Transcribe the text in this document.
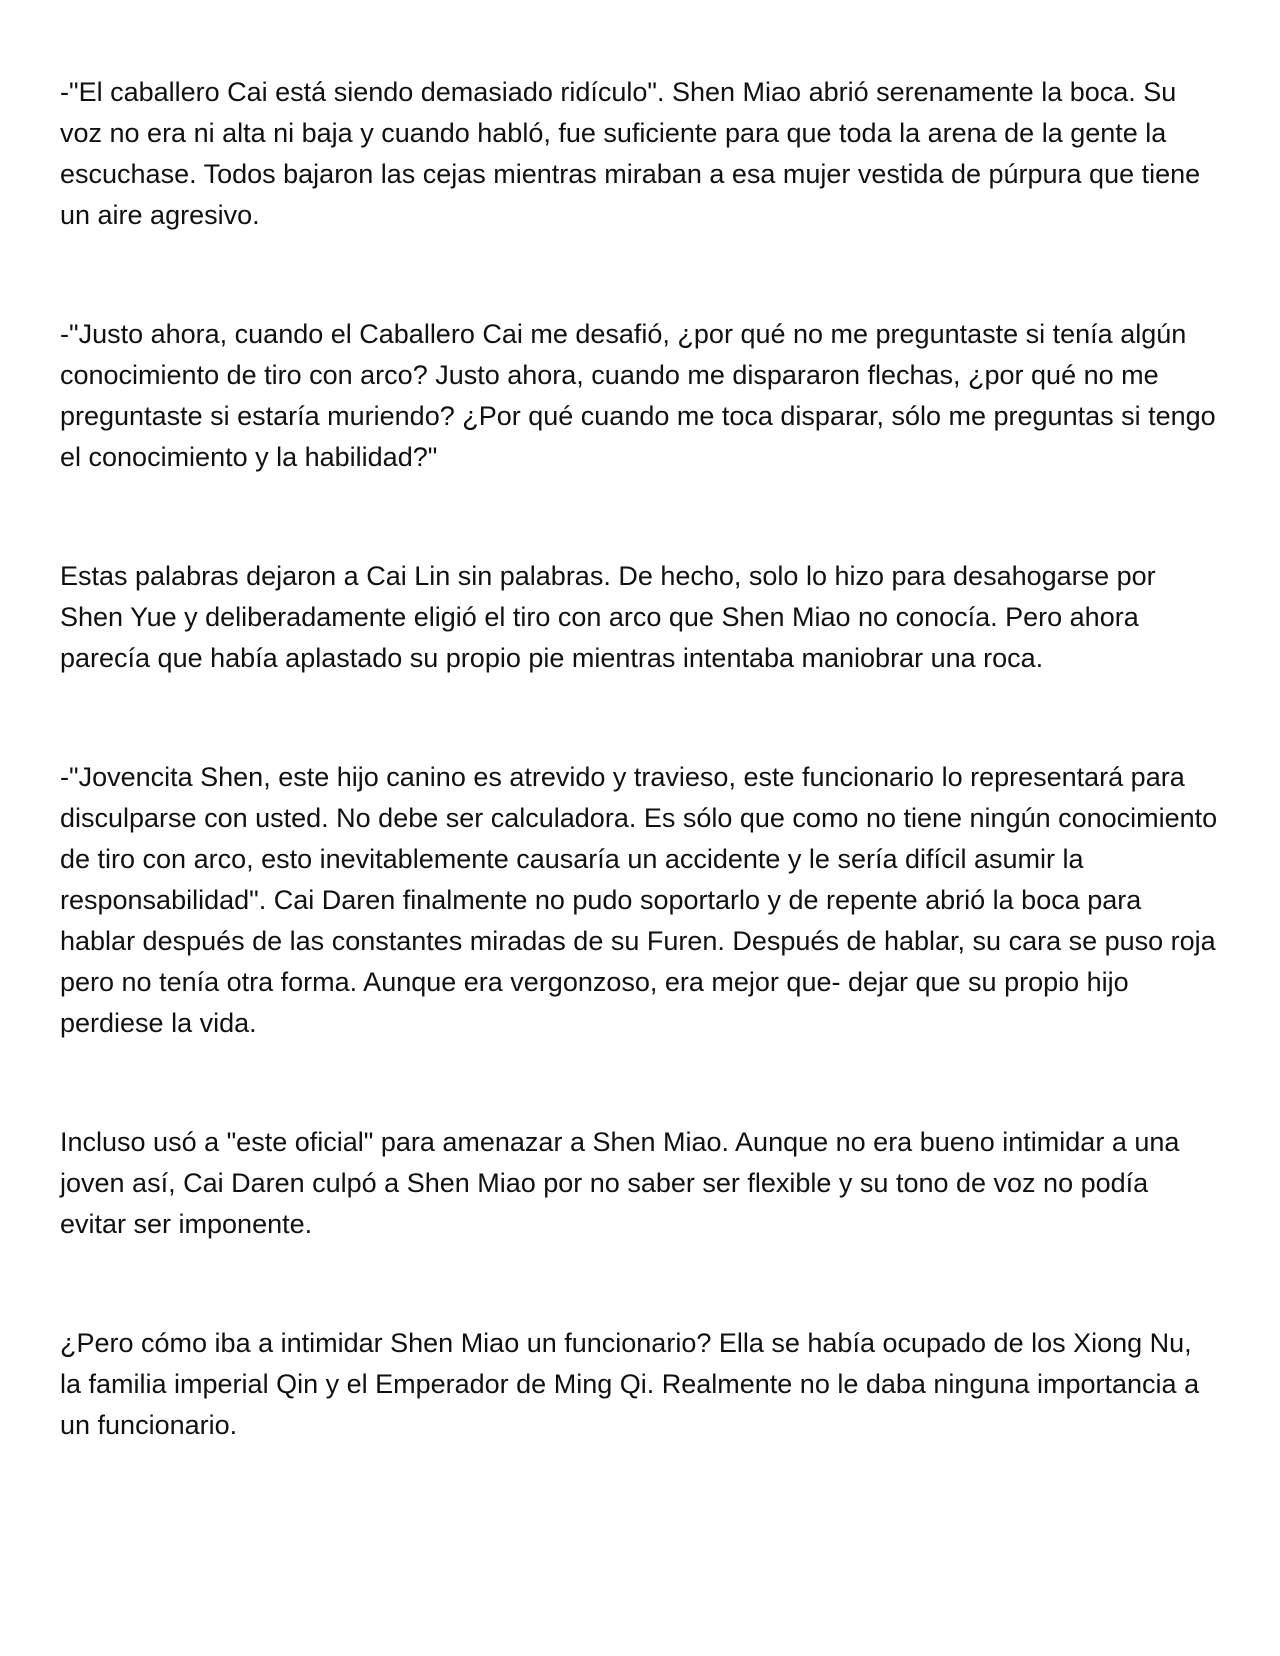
-"El caballero Cai está siendo demasiado ridículo". Shen Miao abrió serenamente la boca. Su voz no era ni alta ni baja y cuando habló, fue suficiente para que toda la arena de la gente la escuchase. Todos bajaron las cejas mientras miraban a esa mujer vestida de púrpura que tiene un aire agresivo.

-"Justo ahora, cuando el Caballero Cai me desafió, ¿por qué no me preguntaste si tenía algún conocimiento de tiro con arco? Justo ahora, cuando me dispararon flechas, ¿por qué no me preguntaste si estaría muriendo? ¿Por qué cuando me toca disparar, sólo me preguntas si tengo el conocimiento y la habilidad?"

Estas palabras dejaron a Cai Lin sin palabras. De hecho, solo lo hizo para desahogarse por Shen Yue y deliberadamente eligió el tiro con arco que Shen Miao no conocía. Pero ahora parecía que había aplastado su propio pie mientras intentaba maniobrar una roca.

-"Jovencita Shen, este hijo canino es atrevido y travieso, este funcionario lo representará para disculparse con usted. No debe ser calculadora. Es sólo que como no tiene ningún conocimiento de tiro con arco, esto inevitablemente causaría un accidente y le sería difícil asumir la responsabilidad". Cai Daren finalmente no pudo soportarlo y de repente abrió la boca para hablar después de las constantes miradas de su Furen. Después de hablar, su cara se puso roja pero no tenía otra forma. Aunque era vergonzoso, era mejor que- dejar que su propio hijo perdiese la vida.

Incluso usó a "este oficial" para amenazar a Shen Miao. Aunque no era bueno intimidar a una joven así, Cai Daren culpó a Shen Miao por no saber ser flexible y su tono de voz no podía evitar ser imponente.

¿Pero cómo iba a intimidar Shen Miao un funcionario? Ella se había ocupado de los Xiong Nu, la familia imperial Qin y el Emperador de Ming Qi. Realmente no le daba ninguna importancia a un funcionario.
